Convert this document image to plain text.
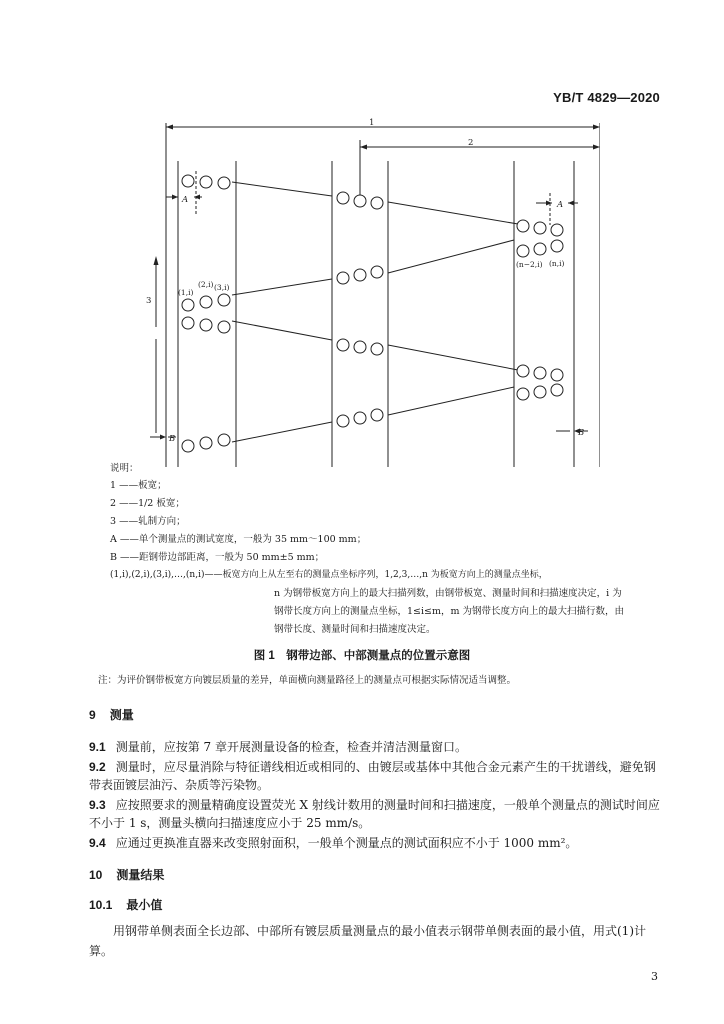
YB/T 4829—2020
1
2
3
A	A
B
B
(1,i)
(2,i) (3,i)
(n−2,i) (n,i)
说明：
1 ——板宽；
2 ——1/2 板宽；
3 ——轧制方向；
A ——单个测量点的测试宽度，一般为 35 mm～100 mm；
B ——距钢带边部距离，一般为 50 mm±5 mm；
(1,i),(2,i),(3,i),…,(n,i)——板宽方向上从左至右的测量点坐标序列，1,2,3,…,n 为板宽方向上的测量点坐标，
n 为钢带板宽方向上的最大扫描列数，由钢带板宽、测量时间和扫描速度决定，i 为
钢带长度方向上的测量点坐标，1≤i≤m，m 为钢带长度方向上的最大扫描行数，由
钢带长度、测量时间和扫描速度决定。
图 1　钢带边部、中部测量点的位置示意图
注：为评价钢带板宽方向镀层质量的差异，单面横向测量路径上的测量点可根据实际情况适当调整。
9 测量
9.1 测量前，应按第 7 章开展测量设备的检查，检查并清洁测量窗口。
9.2 测量时，应尽量消除与特征谱线相近或相同的、由镀层或基体中其他合金元素产生的干扰谱线，避免钢带表面镀层油污、杂质等污染物。
9.3 应按照要求的测量精确度设置荧光 X 射线计数用的测量时间和扫描速度，一般单个测量点的测试时间应不小于 1 s，测量头横向扫描速度应小于 25 mm/s。
9.4 应通过更换准直器来改变照射面积，一般单个测量点的测试面积应不小于 1000 mm²。
10 测量结果
10.1 最小值
用钢带单侧表面全长边部、中部所有镀层质量测量点的最小值表示钢带单侧表面的最小值，用式(1)计算。
3
